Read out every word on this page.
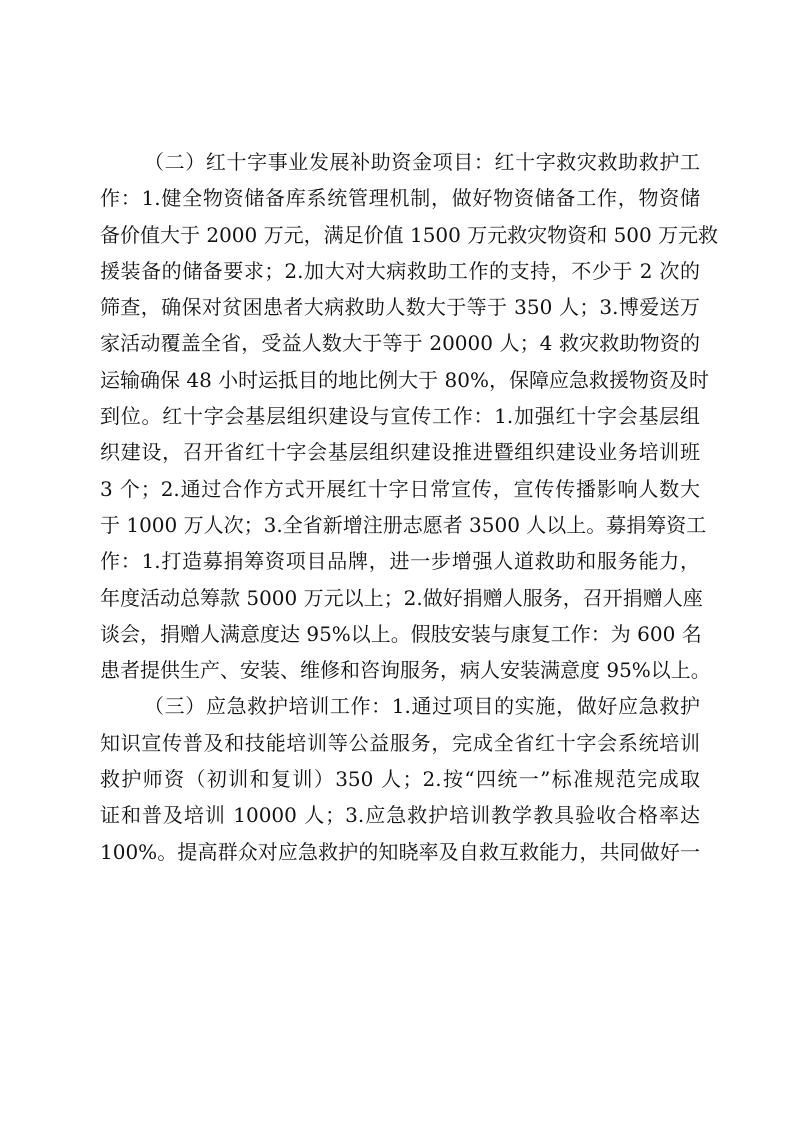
（二）红十字事业发展补助资金项目：红十字救灾救助救护工
作：1.健全物资储备库系统管理机制，做好物资储备工作，物资储
备价值大于 2000 万元，满足价值 1500 万元救灾物资和 500 万元救
援装备的储备要求；2.加大对大病救助工作的支持，不少于 2 次的
筛查，确保对贫困患者大病救助人数大于等于 350 人；3.博爱送万
家活动覆盖全省，受益人数大于等于 20000 人；4 救灾救助物资的
运输确保 48 小时运抵目的地比例大于 80%，保障应急救援物资及时
到位。红十字会基层组织建设与宣传工作：1.加强红十字会基层组
织建设，召开省红十字会基层组织建设推进暨组织建设业务培训班
3 个；2.通过合作方式开展红十字日常宣传，宣传传播影响人数大
于 1000 万人次；3.全省新增注册志愿者 3500 人以上。募捐筹资工
作：1.打造募捐筹资项目品牌，进一步增强人道救助和服务能力，
年度活动总筹款 5000 万元以上；2.做好捐赠人服务，召开捐赠人座
谈会，捐赠人满意度达 95%以上。假肢安装与康复工作：为 600 名
患者提供生产、安装、维修和咨询服务，病人安装满意度 95%以上。
（三）应急救护培训工作：1.通过项目的实施，做好应急救护
知识宣传普及和技能培训等公益服务，完成全省红十字会系统培训
救护师资（初训和复训）350 人；2.按“四统一”标准规范完成取
证和普及培训 10000 人；3.应急救护培训教学教具验收合格率达
100%。提高群众对应急救护的知晓率及自救互救能力，共同做好一
